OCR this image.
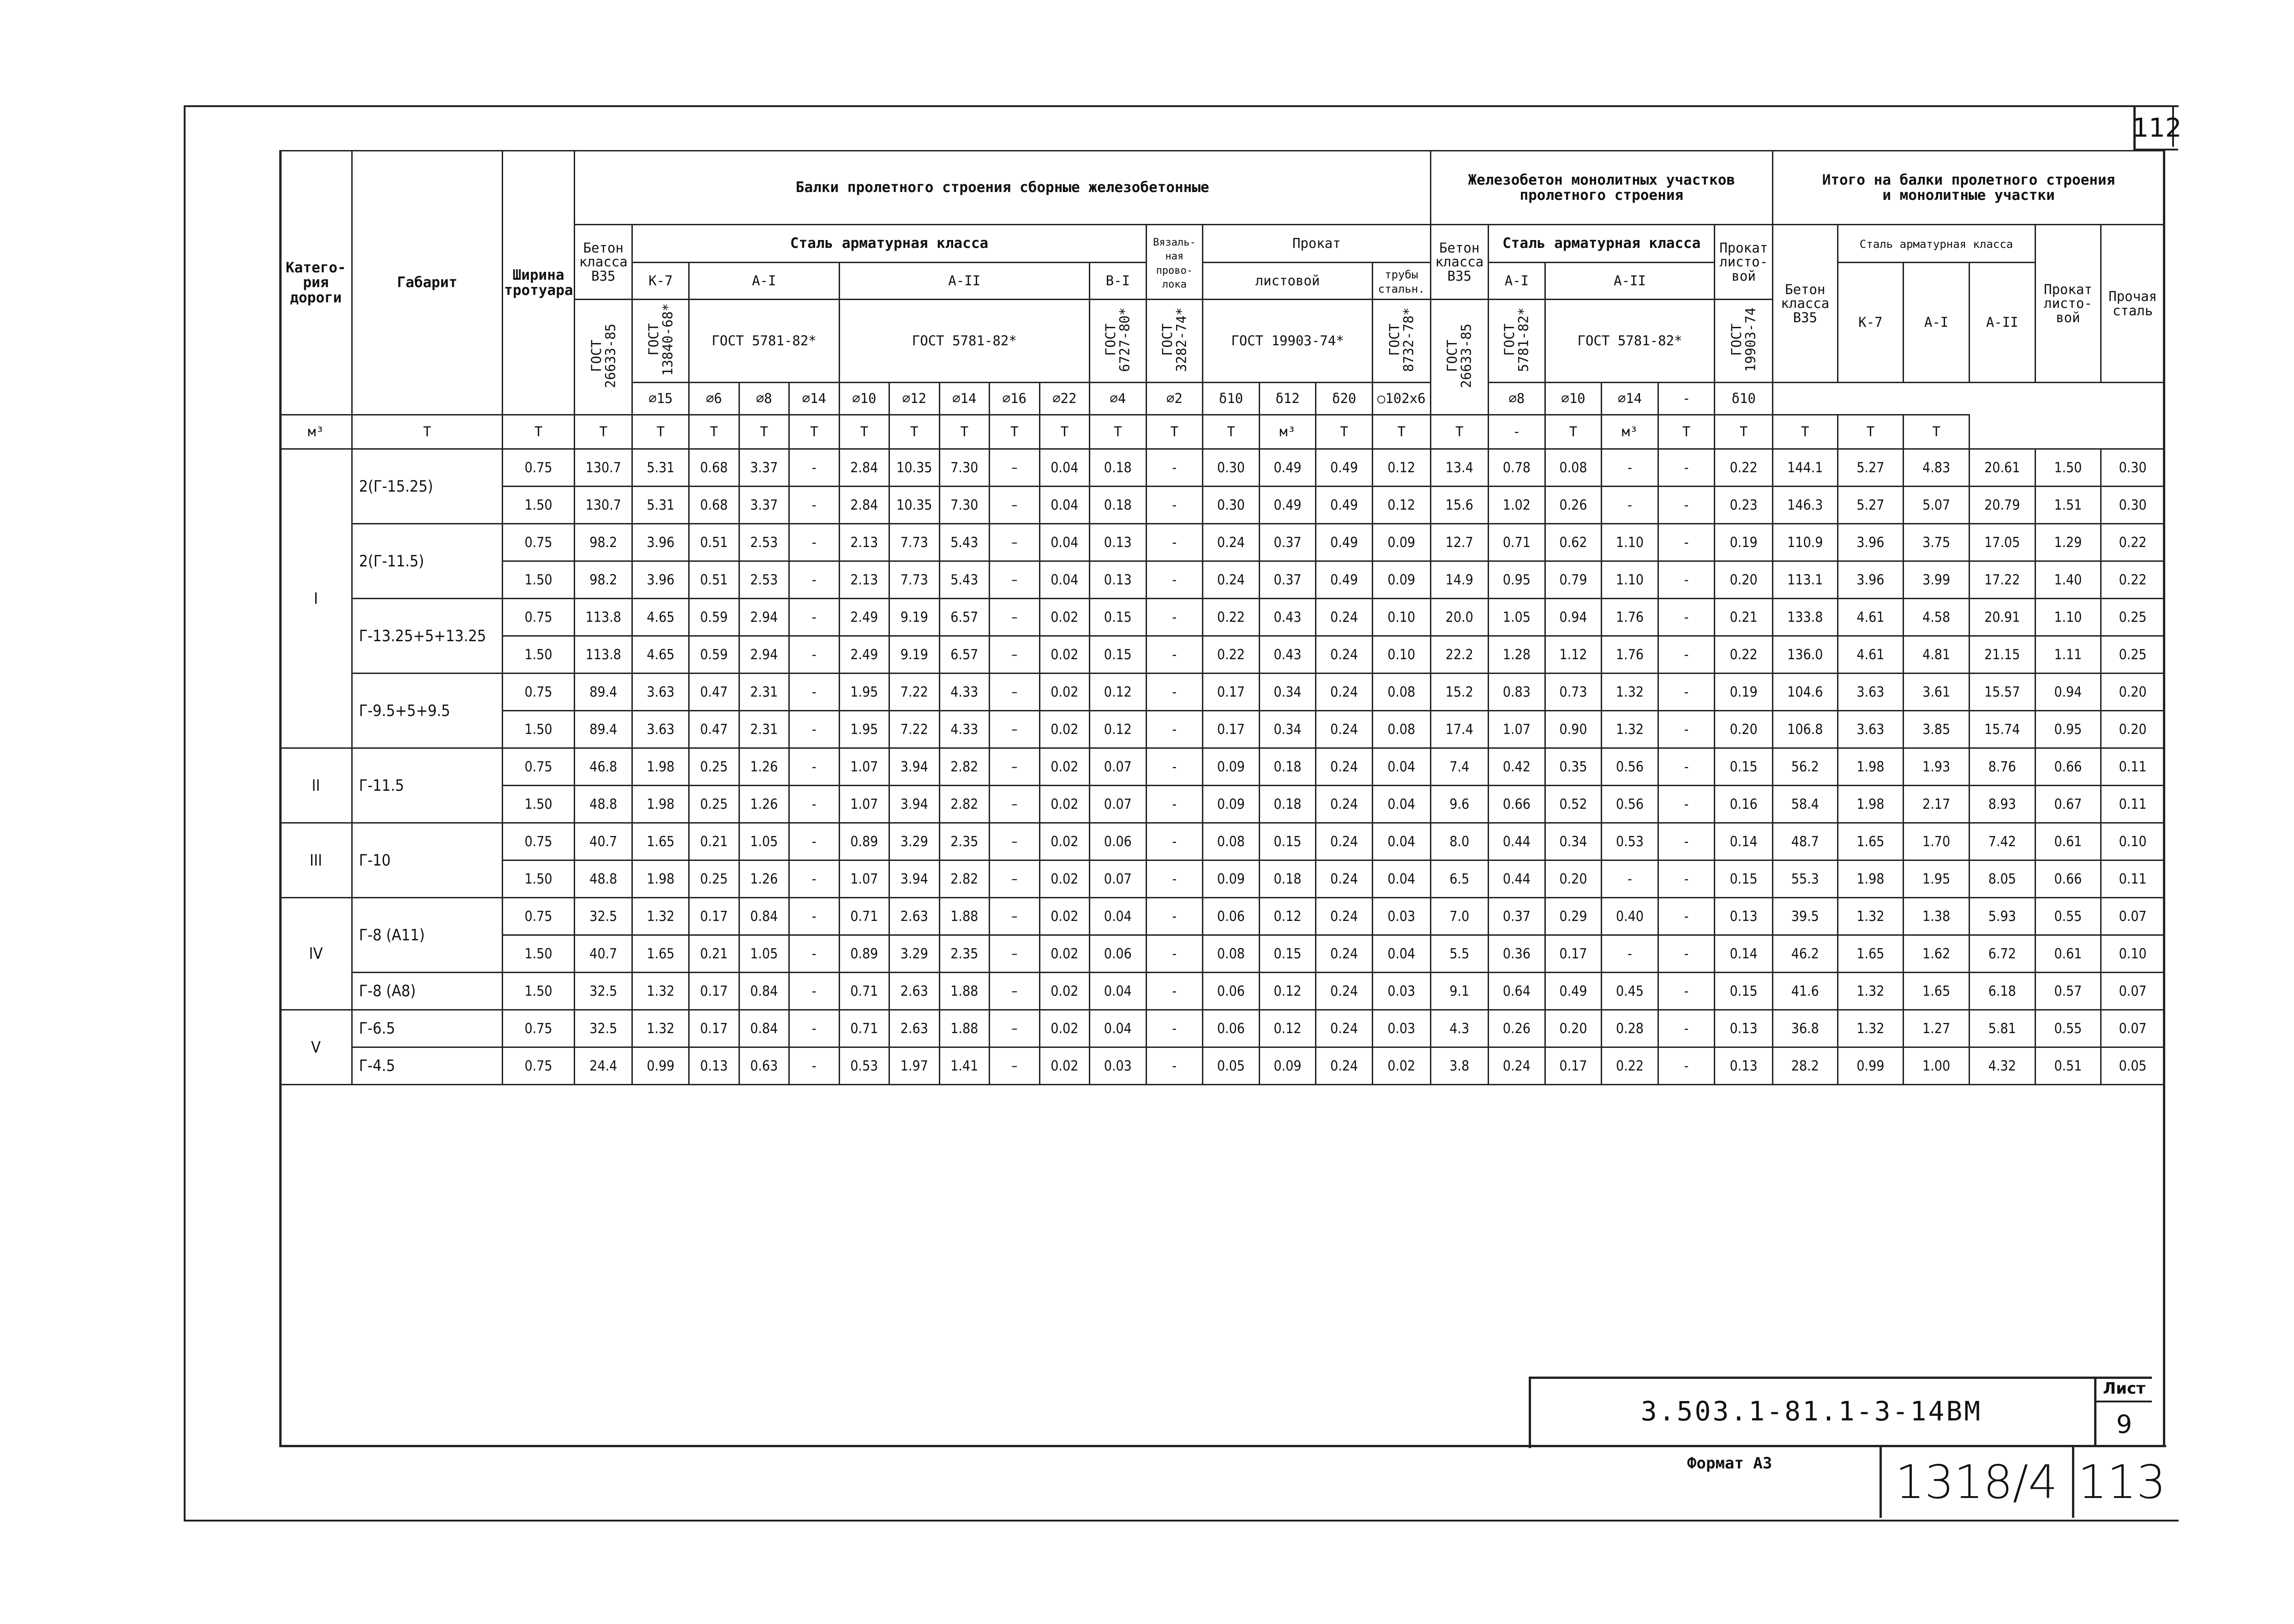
112
Катего-
рия
дороги	Габарит	Ширина
тротуара	Балки пролетного строения сборные железобетонные																Железобетон монолитных участков
пролетного строения						Итого на балки пролетного строения
и монолитные участки					
			Бетон
класса
В35	Сталь арматурная класса										Вязаль-
ная
прово-
лока	Прокат				Бетон
класса
В35	Сталь арматурная класса				Прокат
листо-
вой	Бетон
класса
В35	Сталь арматурная класса			Прокат
листо-
вой	Прочая
сталь
				К-7	А-I			А-II					В-I		листовой			трубы
стальн.		А-I	А-II					К-7	А-I	А-II		
			ГОСТ
26633-85	ГОСТ
13840-68*	ГОСТ 5781-82*			ГОСТ 5781-82*					ГОСТ
6727-80*	ГОСТ
3282-74*	ГОСТ 19903-74*			ГОСТ
8732-78*	ГОСТ
26633-85	ГОСТ
5781-82*	ГОСТ 5781-82*			ГОСТ
19903-74						
				⌀15	⌀6	⌀8	⌀14	⌀10	⌀12	⌀14	⌀16	⌀22	⌀4	⌀2	δ10	δ12	δ20	○102х6		⌀8	⌀10	⌀14	-	δ10						
м³	Т	Т	Т	Т	Т	Т	Т	Т	Т	Т	Т	Т	Т	Т	Т	м³	Т	Т	Т	-	Т	м³	Т	Т	Т	Т	Т			
I	2(Г-15.25)	0.75	130.7	5.31	0.68	3.37	-	2.84	10.35	7.30	–	0.04	0.18	-	0.30	0.49	0.49	0.12	13.4	0.78	0.08	-	-	0.22	144.1	5.27	4.83	20.61	1.50	0.30
		1.50	130.7	5.31	0.68	3.37	-	2.84	10.35	7.30	–	0.04	0.18	-	0.30	0.49	0.49	0.12	15.6	1.02	0.26	-	-	0.23	146.3	5.27	5.07	20.79	1.51	0.30
	2(Г-11.5)	0.75	98.2	3.96	0.51	2.53	-	2.13	7.73	5.43	–	0.04	0.13	-	0.24	0.37	0.49	0.09	12.7	0.71	0.62	1.10	-	0.19	110.9	3.96	3.75	17.05	1.29	0.22
		1.50	98.2	3.96	0.51	2.53	-	2.13	7.73	5.43	–	0.04	0.13	-	0.24	0.37	0.49	0.09	14.9	0.95	0.79	1.10	-	0.20	113.1	3.96	3.99	17.22	1.40	0.22
	Г-13.25+5+13.25	0.75	113.8	4.65	0.59	2.94	-	2.49	9.19	6.57	–	0.02	0.15	-	0.22	0.43	0.24	0.10	20.0	1.05	0.94	1.76	-	0.21	133.8	4.61	4.58	20.91	1.10	0.25
		1.50	113.8	4.65	0.59	2.94	-	2.49	9.19	6.57	–	0.02	0.15	-	0.22	0.43	0.24	0.10	22.2	1.28	1.12	1.76	-	0.22	136.0	4.61	4.81	21.15	1.11	0.25
	Г-9.5+5+9.5	0.75	89.4	3.63	0.47	2.31	-	1.95	7.22	4.33	–	0.02	0.12	-	0.17	0.34	0.24	0.08	15.2	0.83	0.73	1.32	-	0.19	104.6	3.63	3.61	15.57	0.94	0.20
		1.50	89.4	3.63	0.47	2.31	-	1.95	7.22	4.33	–	0.02	0.12	-	0.17	0.34	0.24	0.08	17.4	1.07	0.90	1.32	-	0.20	106.8	3.63	3.85	15.74	0.95	0.20
II	Г-11.5	0.75	46.8	1.98	0.25	1.26	-	1.07	3.94	2.82	–	0.02	0.07	-	0.09	0.18	0.24	0.04	7.4	0.42	0.35	0.56	-	0.15	56.2	1.98	1.93	8.76	0.66	0.11
		1.50	48.8	1.98	0.25	1.26	-	1.07	3.94	2.82	–	0.02	0.07	-	0.09	0.18	0.24	0.04	9.6	0.66	0.52	0.56	-	0.16	58.4	1.98	2.17	8.93	0.67	0.11
III	Г-10	0.75	40.7	1.65	0.21	1.05	-	0.89	3.29	2.35	–	0.02	0.06	-	0.08	0.15	0.24	0.04	8.0	0.44	0.34	0.53	-	0.14	48.7	1.65	1.70	7.42	0.61	0.10
		1.50	48.8	1.98	0.25	1.26	-	1.07	3.94	2.82	–	0.02	0.07	-	0.09	0.18	0.24	0.04	6.5	0.44	0.20	-	-	0.15	55.3	1.98	1.95	8.05	0.66	0.11
IV	Г-8 (А11)	0.75	32.5	1.32	0.17	0.84	-	0.71	2.63	1.88	–	0.02	0.04	-	0.06	0.12	0.24	0.03	7.0	0.37	0.29	0.40	-	0.13	39.5	1.32	1.38	5.93	0.55	0.07
		1.50	40.7	1.65	0.21	1.05	-	0.89	3.29	2.35	–	0.02	0.06	-	0.08	0.15	0.24	0.04	5.5	0.36	0.17	-	-	0.14	46.2	1.65	1.62	6.72	0.61	0.10
	Г-8 (А8)	1.50	32.5	1.32	0.17	0.84	-	0.71	2.63	1.88	–	0.02	0.04	-	0.06	0.12	0.24	0.03	9.1	0.64	0.49	0.45	-	0.15	41.6	1.32	1.65	6.18	0.57	0.07
V	Г-6.5	0.75	32.5	1.32	0.17	0.84	-	0.71	2.63	1.88	–	0.02	0.04	-	0.06	0.12	0.24	0.03	4.3	0.26	0.20	0.28	-	0.13	36.8	1.32	1.27	5.81	0.55	0.07
	Г-4.5	0.75	24.4	0.99	0.13	0.63	-	0.53	1.97	1.41	–	0.02	0.03	-	0.05	0.09	0.24	0.02	3.8	0.24	0.17	0.22	-	0.13	28.2	0.99	1.00	4.32	0.51	0.05

3.503.1-81.1-3-14ВМ
Лист
9
Формат А3	1318/4 113
